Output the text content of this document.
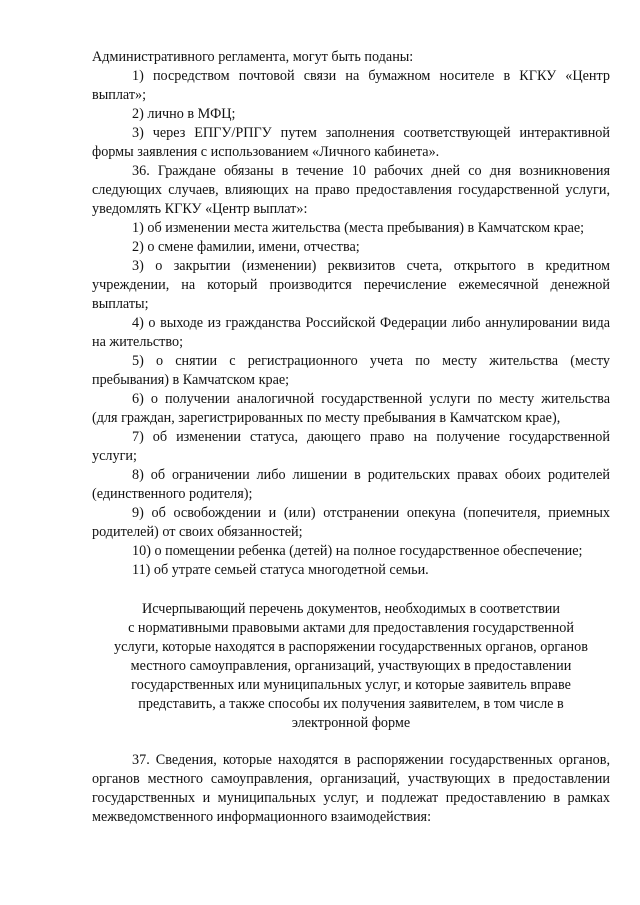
Административного регламента, могут быть поданы:

1) посредством почтовой связи на бумажном носителе в КГКУ «Центр выплат»;

2) лично в МФЦ;

3) через ЕПГУ/РПГУ путем заполнения соответствующей интерактивной формы заявления с использованием «Личного кабинета».

36. Граждане обязаны в течение 10 рабочих дней со дня возникновения следующих случаев, влияющих на право предоставления государственной услуги, уведомлять КГКУ «Центр выплат»:

1) об изменении места жительства (места пребывания) в Камчатском крае;

2) о смене фамилии, имени, отчества;

3) о закрытии (изменении) реквизитов счета, открытого в кредитном учреждении, на который производится перечисление ежемесячной денежной выплаты;

4) о выходе из гражданства Российской Федерации либо аннулировании вида на жительство;

5) о снятии с регистрационного учета по месту жительства (месту пребывания) в Камчатском крае;

6) о получении аналогичной государственной услуги по месту жительства (для граждан, зарегистрированных по месту пребывания в Камчатском крае),

7) об изменении статуса, дающего право на получение государственной услуги;

8) об ограничении либо лишении в родительских правах обоих родителей (единственного родителя);

9) об освобождении и (или) отстранении опекуна (попечителя, приемных родителей) от своих обязанностей;

10) о помещении ребенка (детей) на полное государственное обеспечение;

11) об утрате семьей статуса многодетной семьи.

Исчерпывающий перечень документов, необходимых в соответствии
с нормативными правовыми актами для предоставления государственной
услуги, которые находятся в распоряжении государственных органов, органов
местного самоуправления, организаций, участвующих в предоставлении
государственных или муниципальных услуг, и которые заявитель вправе
представить, а также способы их получения заявителем, в том числе в
электронной форме

37. Сведения, которые находятся в распоряжении государственных органов, органов местного самоуправления, организаций, участвующих в предоставлении государственных и муниципальных услуг, и подлежат предоставлению в рамках межведомственного информационного взаимодействия:
